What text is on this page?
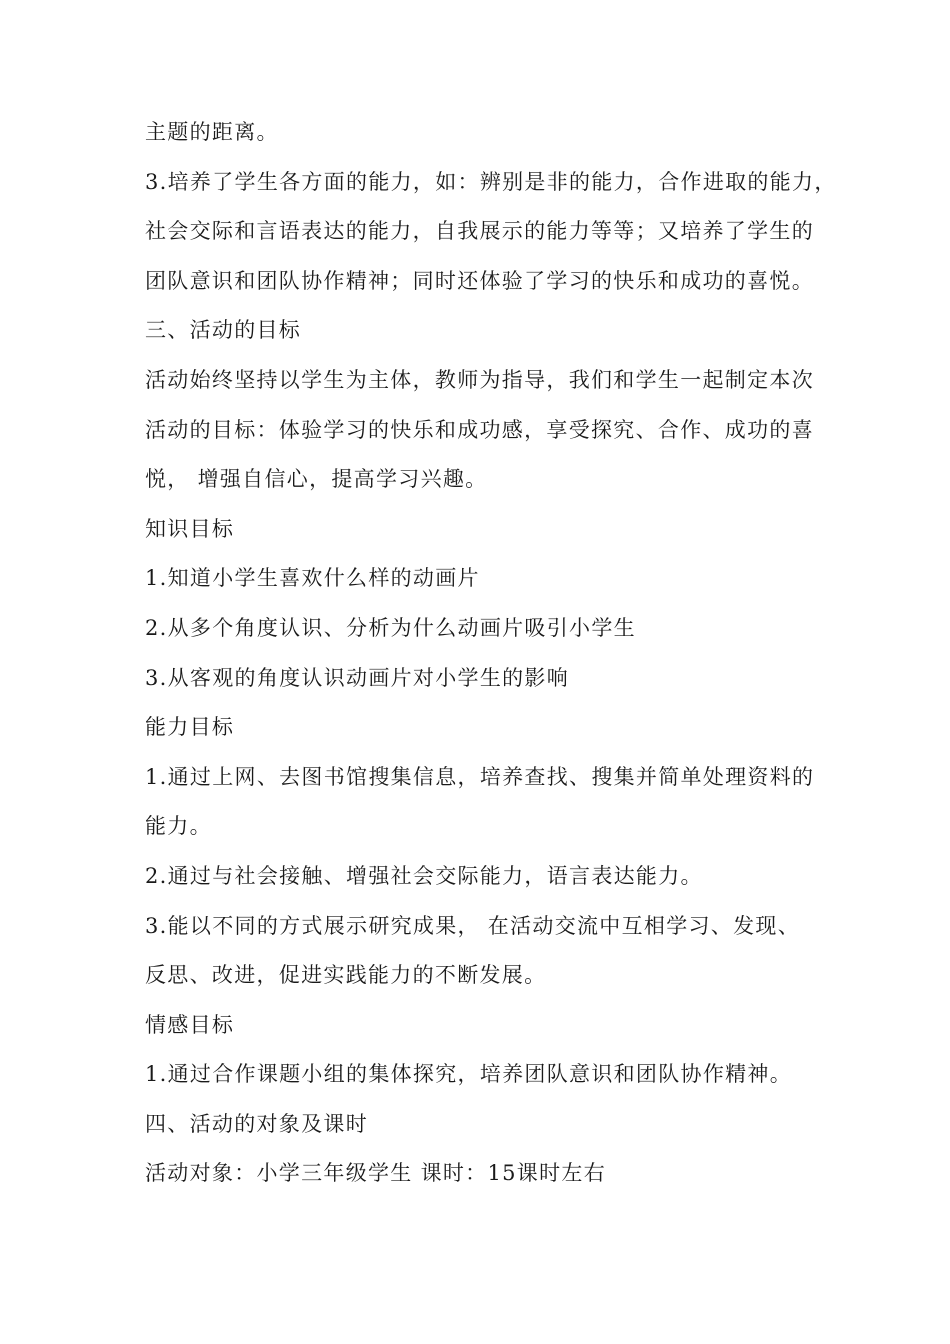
主题的距离。
3.培养了学生各方面的能力，如：辨别是非的能力，合作进取的能力，
社会交际和言语表达的能力，自我展示的能力等等；又培养了学生的
团队意识和团队协作精神；同时还体验了学习的快乐和成功的喜悦。
三、活动的目标
活动始终坚持以学生为主体，教师为指导，我们和学生一起制定本次
活动的目标：体验学习的快乐和成功感，享受探究、合作、成功的喜
悦， 增强自信心，提高学习兴趣。
知识目标
1.知道小学生喜欢什么样的动画片
2.从多个角度认识、分析为什么动画片吸引小学生
3.从客观的角度认识动画片对小学生的影响
能力目标
1.通过上网、去图书馆搜集信息，培养查找、搜集并简单处理资料的
能力。
2.通过与社会接触、增强社会交际能力，语言表达能力。
3.能以不同的方式展示研究成果， 在活动交流中互相学习、发现、
反思、改进，促进实践能力的不断发展。
情感目标
1.通过合作课题小组的集体探究，培养团队意识和团队协作精神。
四、活动的对象及课时
活动对象：小学三年级学生 课时：15课时左右
